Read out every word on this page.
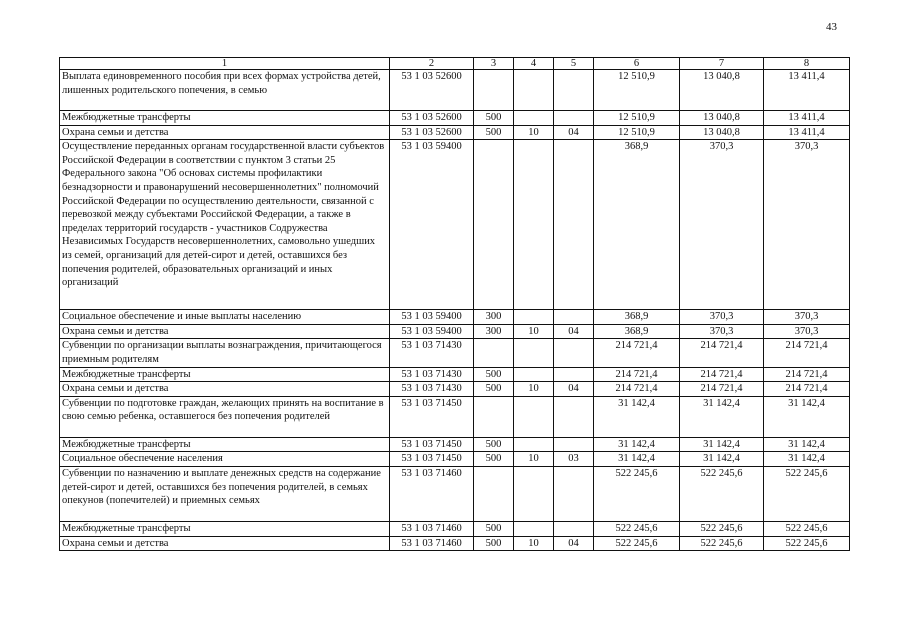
43
1	2	3	4	5	6	7	8
Выплата единовременного пособия при всех формах устройства детей, лишенных родительского попечения, в семью	53 1 03 52600				12 510,9	13 040,8	13 411,4
Межбюджетные трансферты	53 1 03 52600	500			12 510,9	13 040,8	13 411,4
Охрана семьи и детства	53 1 03 52600	500	10	04	12 510,9	13 040,8	13 411,4
Осуществление переданных органам государственной власти субъектов Российской Федерации в соответствии с пунктом 3 статьи 25 Федерального закона "Об основах системы профилактики безнадзорности и правонарушений несовершеннолетних" полномочий Российской Федерации по осуществлению деятельности, связанной с перевозкой между субъектами Российской Федерации, а также в пределах территорий государств - участников Содружества Независимых Государств несовершеннолетних, самовольно ушедших из семей, организаций для детей-сирот и детей, оставшихся без попечения родителей, образовательных организаций и иных организаций	53 1 03 59400				368,9	370,3	370,3
Социальное обеспечение и иные выплаты населению	53 1 03 59400	300			368,9	370,3	370,3
Охрана семьи и детства	53 1 03 59400	300	10	04	368,9	370,3	370,3
Субвенции по организации выплаты вознаграждения, причитающегося приемным родителям	53 1 03 71430				214 721,4	214 721,4	214 721,4
Межбюджетные трансферты	53 1 03 71430	500			214 721,4	214 721,4	214 721,4
Охрана семьи и детства	53 1 03 71430	500	10	04	214 721,4	214 721,4	214 721,4
Субвенции по подготовке граждан, желающих принять на воспитание в свою семью ребенка, оставшегося без попечения родителей	53 1 03 71450				31 142,4	31 142,4	31 142,4
Межбюджетные трансферты	53 1 03 71450	500			31 142,4	31 142,4	31 142,4
Социальное обеспечение населения	53 1 03 71450	500	10	03	31 142,4	31 142,4	31 142,4
Субвенции по назначению и выплате денежных средств на содержание детей-сирот и детей, оставшихся без попечения родителей, в семьях опекунов (попечителей) и приемных семьях	53 1 03 71460				522 245,6	522 245,6	522 245,6
Межбюджетные трансферты	53 1 03 71460	500			522 245,6	522 245,6	522 245,6
Охрана семьи и детства	53 1 03 71460	500	10	04	522 245,6	522 245,6	522 245,6
